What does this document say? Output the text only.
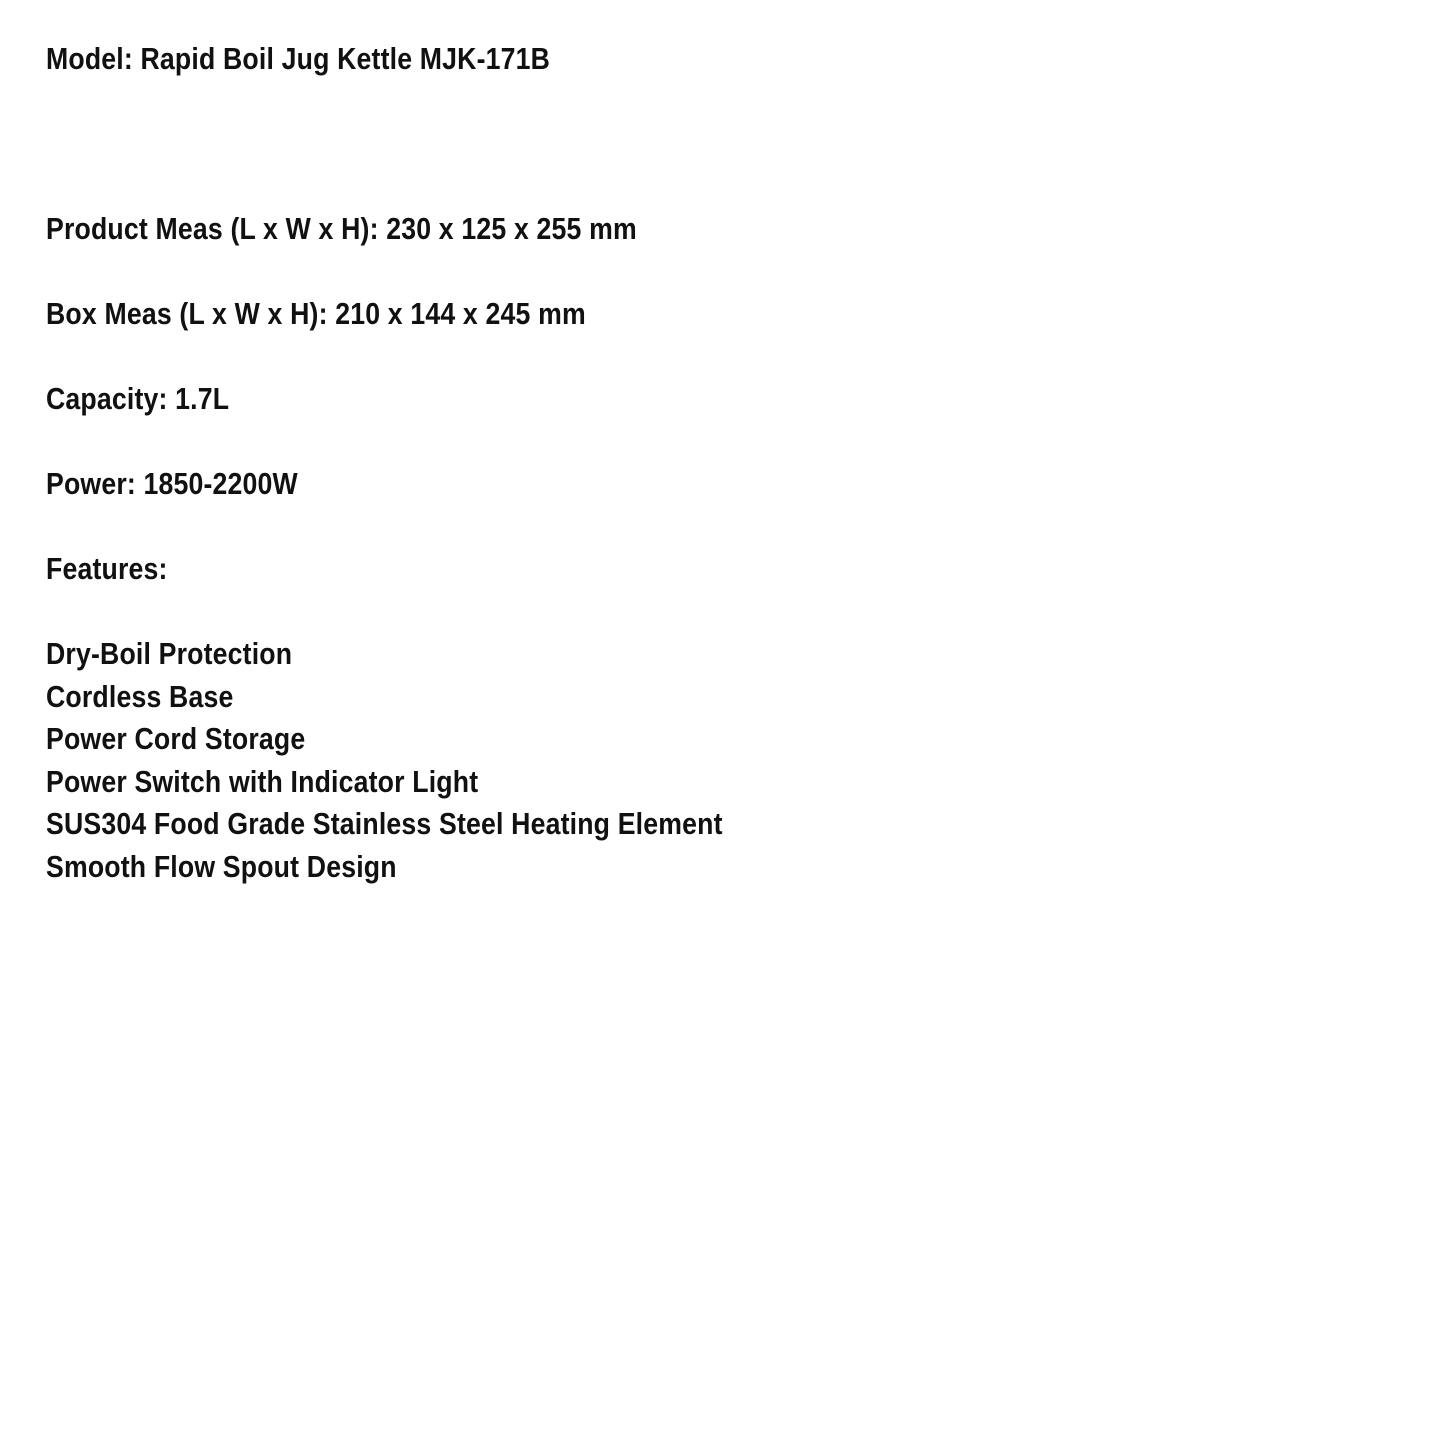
Model: Rapid Boil Jug Kettle MJK-171B
Product Meas (L x W x H): 230 x 125 x 255 mm
Box Meas (L x W x H): 210 x 144 x 245 mm
Capacity: 1.7L
Power: 1850-2200W
Features:
Dry-Boil Protection
Cordless Base
Power Cord Storage
Power Switch with Indicator Light
SUS304 Food Grade Stainless Steel Heating Element
Smooth Flow Spout Design
